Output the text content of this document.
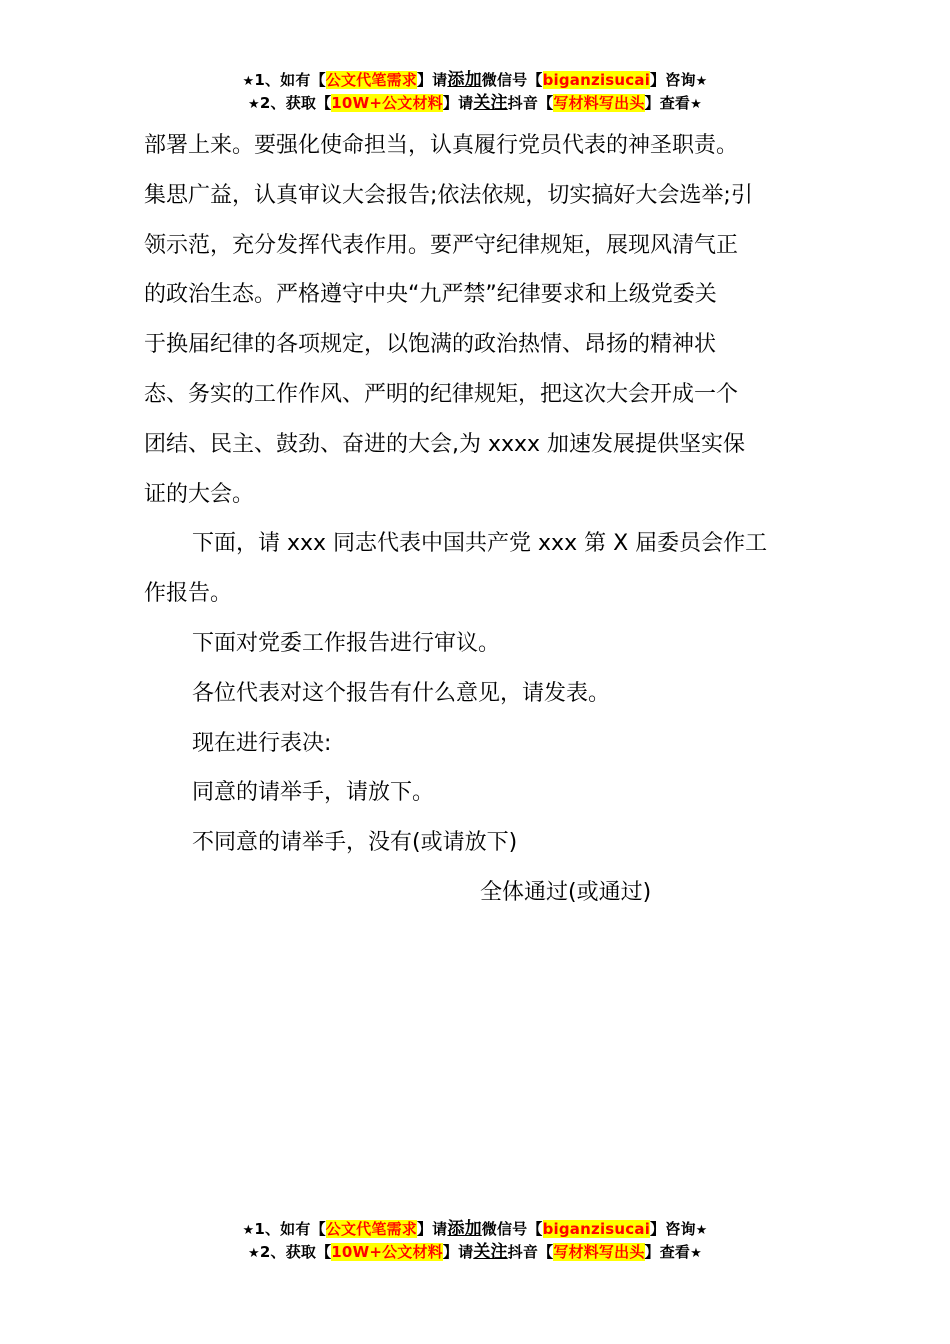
★1、如有【公文代笔需求】请添加微信号【biganzisucai】咨询★
★2、获取【10W+公文材料】请关注抖音【写材料写出头】查看★
部署上来。要强化使命担当，认真履行党员代表的神圣职责。
集思广益，认真审议大会报告;依法依规，切实搞好大会选举;引
领示范，充分发挥代表作用。要严守纪律规矩，展现风清气正
的政治生态。严格遵守中央“九严禁”纪律要求和上级党委关
于换届纪律的各项规定，以饱满的政治热情、昂扬的精神状
态、务实的工作作风、严明的纪律规矩，把这次大会开成一个
团结、民主、鼓劲、奋进的大会,为 xxxx 加速发展提供坚实保
证的大会。
下面，请 xxx 同志代表中国共产党 xxx 第 X 届委员会作工
作报告。
下面对党委工作报告进行审议。
各位代表对这个报告有什么意见，请发表。
现在进行表决:
同意的请举手，请放下。
不同意的请举手，没有(或请放下)
全体通过(或通过)
★1、如有【公文代笔需求】请添加微信号【biganzisucai】咨询★
★2、获取【10W+公文材料】请关注抖音【写材料写出头】查看★
